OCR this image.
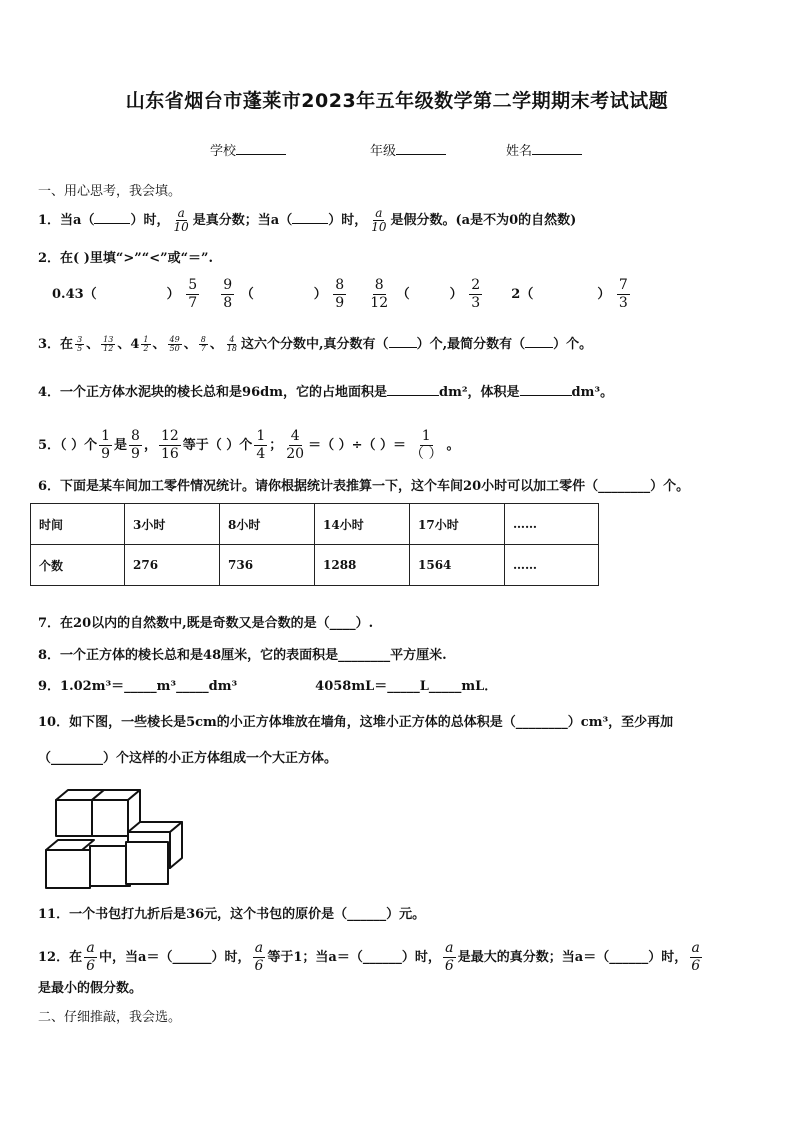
山东省烟台市蓬莱市2023年五年级数学第二学期期末考试试题
学校	年级	姓名
一、用心思考，我会填。
1．当a（	）时， $\frac{a}{10}$ 是真分数；当a（	）时， $\frac{a}{10}$ 是假分数。(a是不为0的自然数)
2．在( )里填“>”“<”或“＝”.
0.43（	） $\frac{5}{7}$
$\frac{9}{8}$ （	） $\frac{8}{9}$
$\frac{8}{12}$ （	） $\frac{2}{3} 2$（	） $\frac{7}{3}$
3．在 $\frac{3}{5}$ 、 $\frac{13}{12}$ 、$4 \frac{1}{2}$ 、 $\frac{49}{50}$ 、 $\frac{8}{7}$ 、 $\frac{4}{18}$ 这六个分数中,真分数有（ ）个,最简分数有（ ）个。
4．一个正方体水泥块的棱长总和是96dm，它的占地面积是	dm²，体积是	dm³。
5．（ ）个 $\frac{1}{9}$ 是 $\frac{8}{9}$ ， $\frac{12}{16}$ 等于（ ）个 $\frac{1}{4}$ ； $\frac{4}{20}$ ＝（ ）÷（ ）＝ $\frac{1}{( )}$ 。
6．下面是某车间加工零件情况统计。请你根据统计表推算一下，这个车间20小时可以加工零件（________）个。
时间	3小时	8小时	14小时	17小时	……
个数	276	736	1288	1564	……
7．在20以内的自然数中,既是奇数又是合数的是（____）.
8．一个正方体的棱长总和是48厘米，它的表面积是________平方厘米.
9．1.02m³＝_____m³_____dm³	4058mL＝_____L_____mL．
10．如下图，一些棱长是5cm的小正方体堆放在墙角，这堆小正方体的总体积是（________）cm³，至少再加
（________）个这样的小正方体组成一个大正方体。
11．一个书包打九折后是36元，这个书包的原价是（______）元。
12．在 $\frac{a}{6}$ 中，当a＝（______）时， $\frac{a}{6}$ 等于1；当a＝（______）时， $\frac{a}{6}$ 是最大的真分数；当a＝（______）时， $\frac{a}{6}$
是最小的假分数。
二、仔细推敲，我会选。
